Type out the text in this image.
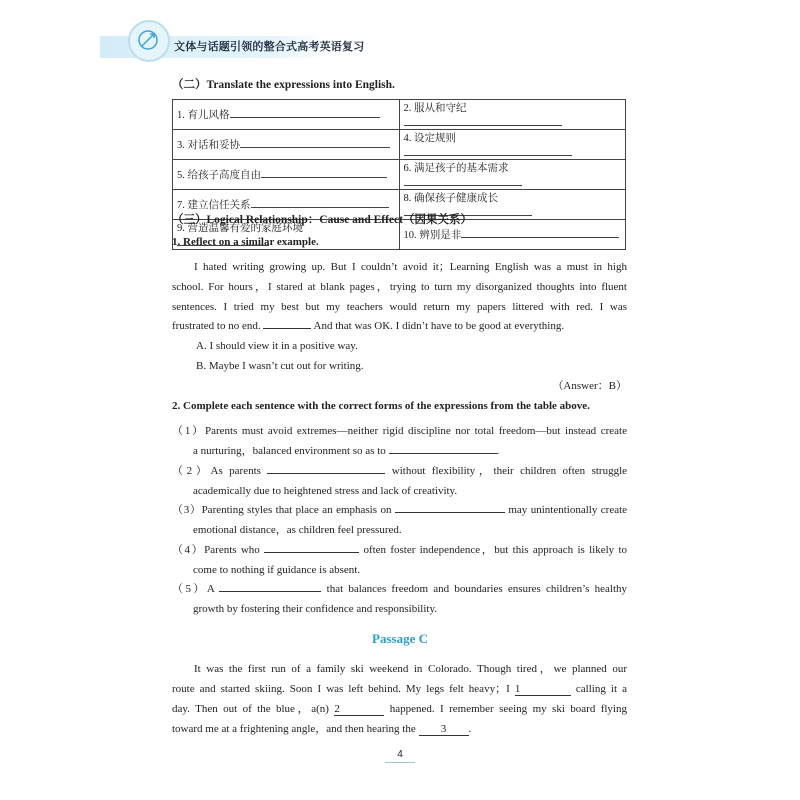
文体与话题引领的整合式高考英语复习
（二）Translate the expressions into English.
1. 育儿风格	2. 服从和守纪
3. 对话和妥协	4. 设定规则
5. 给孩子高度自由	6. 满足孩子的基本需求
7. 建立信任关系	8. 确保孩子健康成长
9. 营造温馨有爱的家庭环境	10. 辨别是非
（三）Logical Relationship：Cause and Effect（因果关系）
1. Reflect on a similar example.
I hated writing growing up. But I couldn’t avoid it；Learning English was a must in high
school. For hours，I stared at blank pages，trying to turn my disorganized thoughts into fluent
sentences. I tried my best but my teachers would return my papers littered with red. I was
frustrated to no end.	And that was OK. I didn’t have to be good at everything.
A. I should view it in a positive way.
B. Maybe I wasn’t cut out for writing.
（Answer：B）
2. Complete each sentence with the correct forms of the expressions from the table above.
（1）Parents must avoid extremes—neither rigid discipline nor total freedom—but instead create
a nurturing，balanced environment so as to	.
（2）As parents	without flexibility，their children often struggle
academically due to heightened stress and lack of creativity.
（3）Parenting styles that place an emphasis on	may unintentionally create
emotional distance，as children feel pressured.
（4）Parents who	often foster independence，but this approach is likely to
come to nothing if guidance is absent.
（5）A	that balances freedom and boundaries ensures children’s healthy
growth by fostering their confidence and responsibility.
Passage C
It was the first run of a family ski weekend in Colorado. Though tired，we planned our
route and started skiing. Soon I was left behind. My legs felt heavy；I 1	calling it a
day. Then out of the blue，a(n) 2	happened. I remember seeing my ski board flying
toward me at a frightening angle，and then hearing the 3 .
4
